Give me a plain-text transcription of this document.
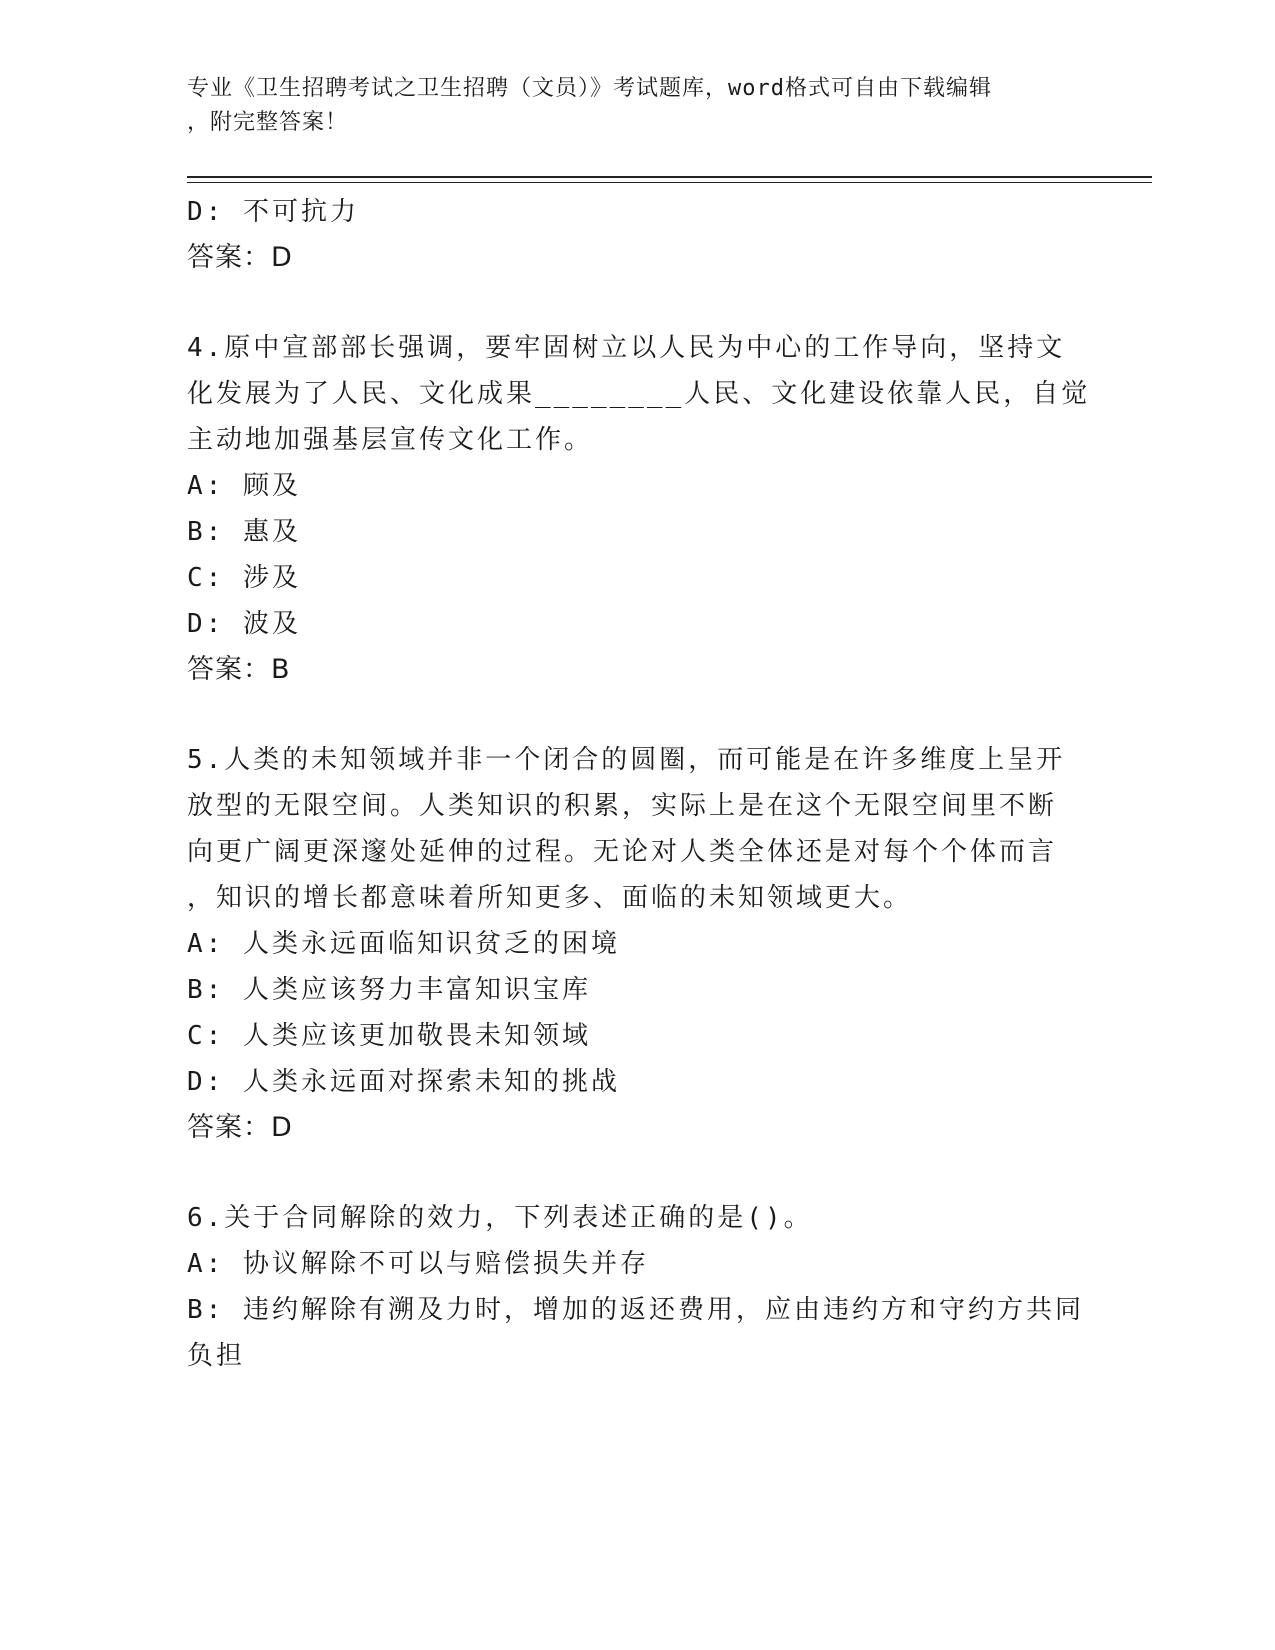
专业《卫生招聘考试之卫生招聘（文员）》考试题库，word格式可自由下载编辑
，附完整答案！
D: 不可抗力
答案：D
4.原中宣部部长强调，要牢固树立以人民为中心的工作导向，坚持文
化发展为了人民、文化成果________人民、文化建设依靠人民，自觉
主动地加强基层宣传文化工作。
A: 顾及
B: 惠及
C: 涉及
D: 波及
答案：B
5.人类的未知领域并非一个闭合的圆圈，而可能是在许多维度上呈开
放型的无限空间。人类知识的积累，实际上是在这个无限空间里不断
向更广阔更深邃处延伸的过程。无论对人类全体还是对每个个体而言
，知识的增长都意味着所知更多、面临的未知领域更大。
A: 人类永远面临知识贫乏的困境
B: 人类应该努力丰富知识宝库
C: 人类应该更加敬畏未知领域
D: 人类永远面对探索未知的挑战
答案：D
6.关于合同解除的效力，下列表述正确的是()。
A: 协议解除不可以与赔偿损失并存
B: 违约解除有溯及力时，增加的返还费用，应由违约方和守约方共同
负担
